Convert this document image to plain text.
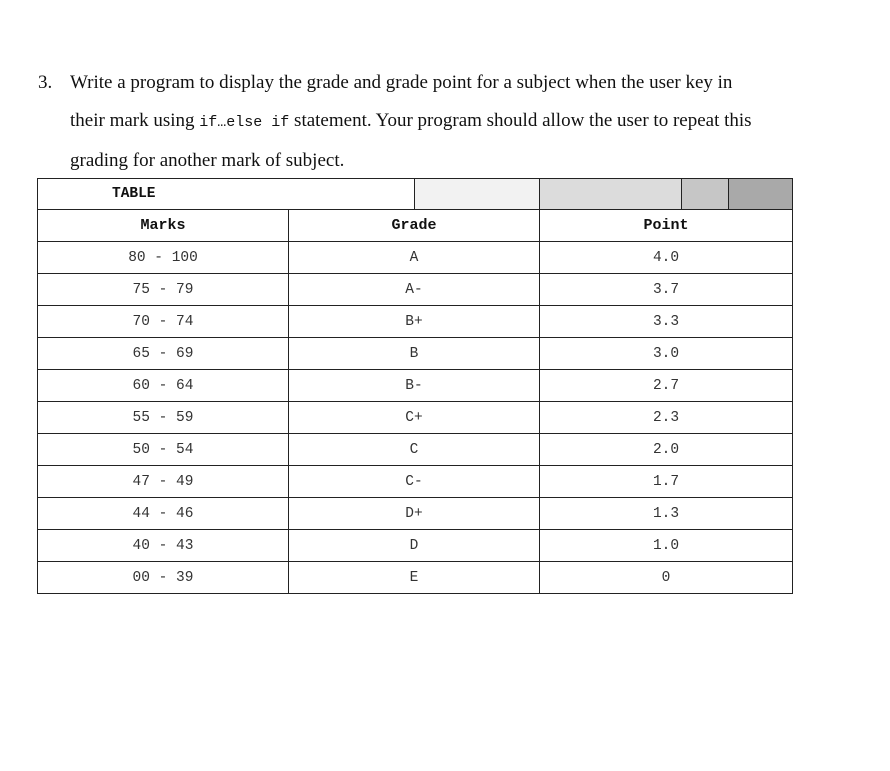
3. Write a program to display the grade and grade point for a subject when the user key in
their mark using if…else if statement. Your program should allow the user to repeat this
grading for another mark of subject.
TABLE					
Marks	Grade		Point		
80 - 100	A		4.0		
75 - 79	A-		3.7		
70 - 74	B+		3.3		
65 - 69	B		3.0		
60 - 64	B-		2.7		
55 - 59	C+		2.3		
50 - 54	C		2.0		
47 - 49	C-		1.7		
44 - 46	D+		1.3		
40 - 43	D		1.0		
00 - 39	E		0		
